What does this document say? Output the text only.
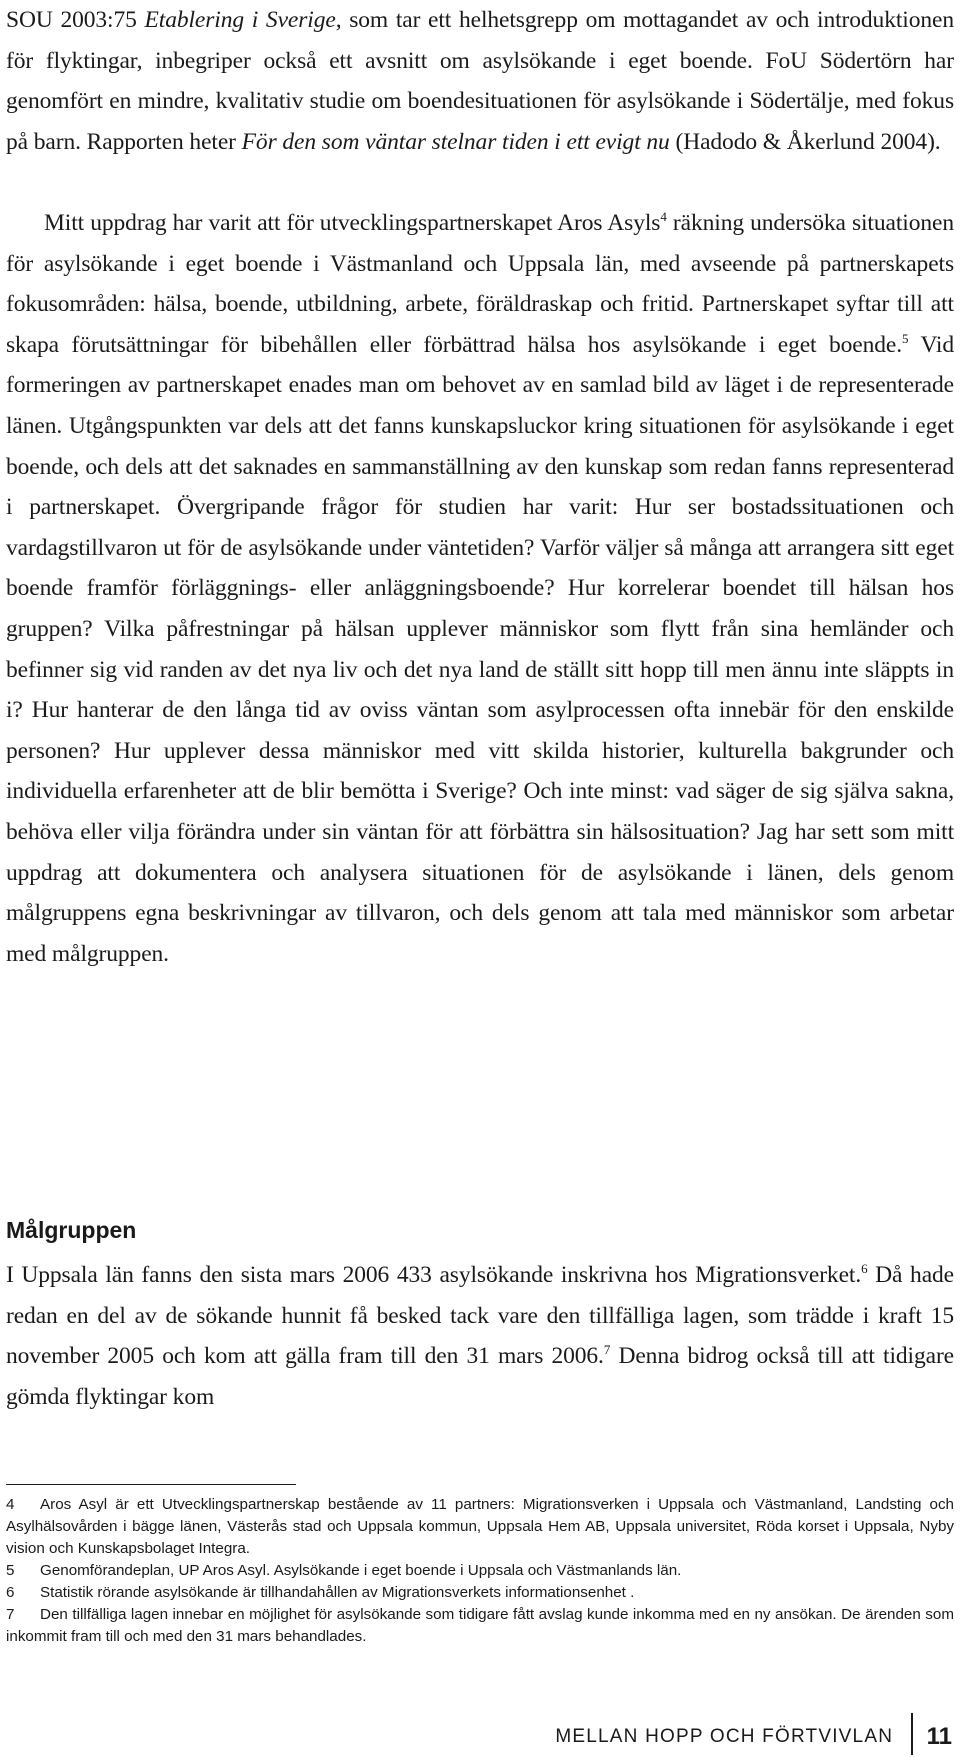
SOU 2003:75 Etablering i Sverige, som tar ett helhetsgrepp om mottagandet av och introduktionen för flyktingar, inbegriper också ett avsnitt om asylsökande i eget boende. FoU Södertörn har genomfört en mindre, kvalitativ studie om boendesituationen för asylsökande i Södertälje, med fokus på barn. Rapporten heter För den som väntar stelnar tiden i ett evigt nu (Hadodo & Åkerlund 2004).

Mitt uppdrag har varit att för utvecklingspartnerskapet Aros Asyls$^4$ räkning undersöka situationen för asylsökande i eget boende i Västmanland och Uppsala län, med avseende på partnerskapets fokusområden: hälsa, boende, utbildning, arbete, föräldraskap och fritid. Partnerskapet syftar till att skapa förutsättningar för bibehållen eller förbättrad hälsa hos asylsökande i eget boende.$^5$ Vid formeringen av partnerskapet enades man om behovet av en samlad bild av läget i de representerade länen. Utgångspunkten var dels att det fanns kunskapsluckor kring situationen för asylsökande i eget boende, och dels att det saknades en sammanställning av den kunskap som redan fanns representerad i partnerskapet. Övergripande frågor för studien har varit: Hur ser bostadssituationen och vardagstillvaron ut för de asylsökande under väntetiden? Varför väljer så många att arrangera sitt eget boende framför förläggnings- eller anläggningsboende? Hur korrelerar boendet till hälsan hos gruppen? Vilka påfrestningar på hälsan upplever människor som flytt från sina hemländer och befinner sig vid randen av det nya liv och det nya land de ställt sitt hopp till men ännu inte släppts in i? Hur hanterar de den långa tid av oviss väntan som asylprocessen ofta innebär för den enskilde personen? Hur upplever dessa människor med vitt skilda historier, kulturella bakgrunder och individuella erfarenheter att de blir bemötta i Sverige? Och inte minst: vad säger de sig själva sakna, behöva eller vilja förändra under sin väntan för att förbättra sin hälsosituation? Jag har sett som mitt uppdrag att dokumentera och analysera situationen för de asylsökande i länen, dels genom målgruppens egna beskrivningar av tillvaron, och dels genom att tala med människor som arbetar med målgruppen.

Målgruppen

I Uppsala län fanns den sista mars 2006 433 asylsökande inskrivna hos Migrationsverket.$^6$ Då hade redan en del av de sökande hunnit få besked tack vare den tillfälliga lagen, som trädde i kraft 15 november 2005 och kom att gälla fram till den 31 mars 2006.$^7$ Denna bidrog också till att tidigare gömda flyktingar kom

4 Aros Asyl är ett Utvecklingspartnerskap bestående av 11 partners: Migrationsverken i Uppsala och Västmanland, Landsting och Asylhälsovården i bägge länen, Västerås stad och Uppsala kommun, Uppsala Hem AB, Uppsala universitet, Röda korset i Uppsala, Nyby vision och Kunskapsbolaget Integra.

5 Genomförandeplan, UP Aros Asyl. Asylsökande i eget boende i Uppsala och Västmanlands län.

6 Statistik rörande asylsökande är tillhandahållen av Migrationsverkets informationsenhet .

7 Den tillfälliga lagen innebar en möjlighet för asylsökande som tidigare fått avslag kunde inkomma med en ny ansökan. De ärenden som inkommit fram till och med den 31 mars behandlades.

MELLAN HOPP OCH FÖRTVIVLAN 11
